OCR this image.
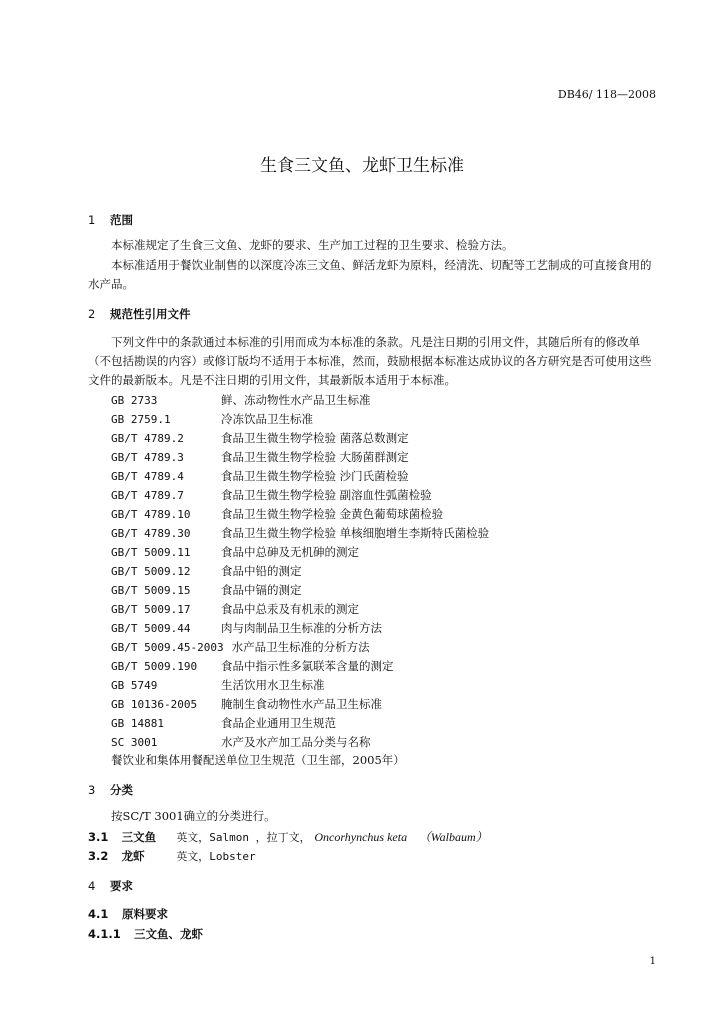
DB46/ 118—2008
生食三文鱼、龙虾卫生标准
1 范围
本标准规定了生食三文鱼、龙虾的要求、生产加工过程的卫生要求、检验方法。
本标准适用于餐饮业制售的以深度冷冻三文鱼、鲜活龙虾为原料，经清洗、切配等工艺制成的可直接食用的水产品。
2 规范性引用文件
下列文件中的条款通过本标准的引用而成为本标准的条款。凡是注日期的引用文件，其随后所有的修改单（不包括勘误的内容）或修订版均不适用于本标准，然而，鼓励根据本标准达成协议的各方研究是否可使用这些文件的最新版本。凡是不注日期的引用文件，其最新版本适用于本标准。
GB 2733	鲜、冻动物性水产品卫生标准
GB 2759.1	冷冻饮品卫生标准
GB/T 4789.2	食品卫生微生物学检验 菌落总数测定
GB/T 4789.3	食品卫生微生物学检验 大肠菌群测定
GB/T 4789.4	食品卫生微生物学检验 沙门氏菌检验
GB/T 4789.7	食品卫生微生物学检验 副溶血性弧菌检验
GB/T 4789.10	食品卫生微生物学检验 金黄色葡萄球菌检验
GB/T 4789.30	食品卫生微生物学检验 单核细胞增生李斯特氏菌检验
GB/T 5009.11	食品中总砷及无机砷的测定
GB/T 5009.12	食品中铅的测定
GB/T 5009.15	食品中镉的测定
GB/T 5009.17	食品中总汞及有机汞的测定
GB/T 5009.44	肉与肉制品卫生标准的分析方法
GB/T 5009.45-2003 水产品卫生标准的分析方法
GB/T 5009.190 食品中指示性多氯联苯含量的测定
GB 5749	生活饮用水卫生标准
GB 10136-2005 腌制生食动物性水产品卫生标准
GB 14881	食品企业通用卫生规范
SC 3001	水产及水产加工品分类与名称
餐饮业和集体用餐配送单位卫生规范（卫生部，2005年）
3 分类
按SC/T 3001确立的分类进行。
3.1 三文鱼 英文，Salmon ，拉丁文， Oncorhynchus keta （Walbaum）
3.2 龙虾	英文，Lobster
4 要求
4.1 原料要求
4.1.1 三文鱼、龙虾
1
